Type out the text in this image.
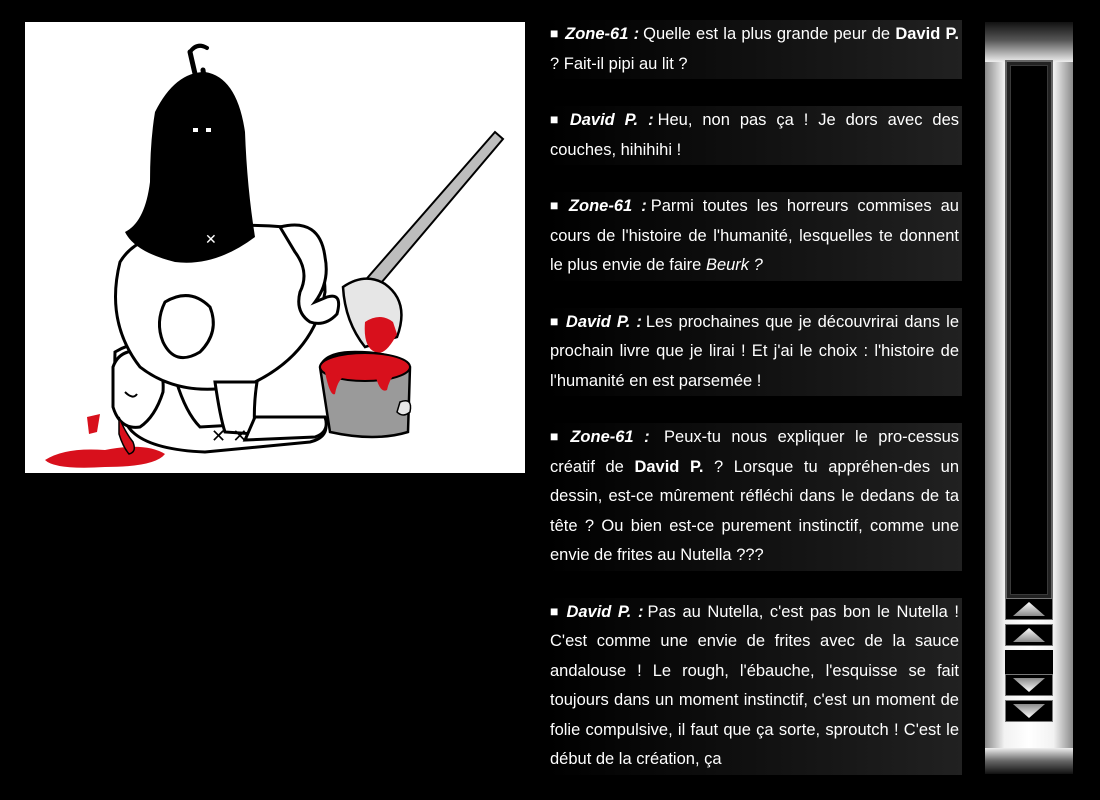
✕ ✕
✕

■ Zone-61 : Quelle est la plus grande peur de David P. ? Fait-il pipi au lit ?

■ David P. : Heu, non pas ça ! Je dors avec des couches, hihihihi !

■ Zone-61 : Parmi toutes les horreurs commises au cours de l'histoire de l'humanité, lesquelles te donnent le plus envie de faire Beurk ?

■ David P. : Les prochaines que je découvrirai dans le prochain livre que je lirai ! Et j'ai le choix : l'histoire de l'humanité en est parsemée !

■ Zone-61 : Peux-tu nous expliquer le pro-cessus créatif de David P. ? Lorsque tu appréhen-des un dessin, est-ce mûrement réfléchi dans le dedans de ta tête ? Ou bien est-ce purement instinctif, comme une envie de frites au Nutella ???

■ David P. : Pas au Nutella, c'est pas bon le Nutella ! C'est comme une envie de frites avec de la sauce andalouse ! Le rough, l'ébauche, l'esquisse se fait toujours dans un moment instinctif, c'est un moment de folie compulsive, il faut que ça sorte, sproutch ! C'est le début de la création, ça
